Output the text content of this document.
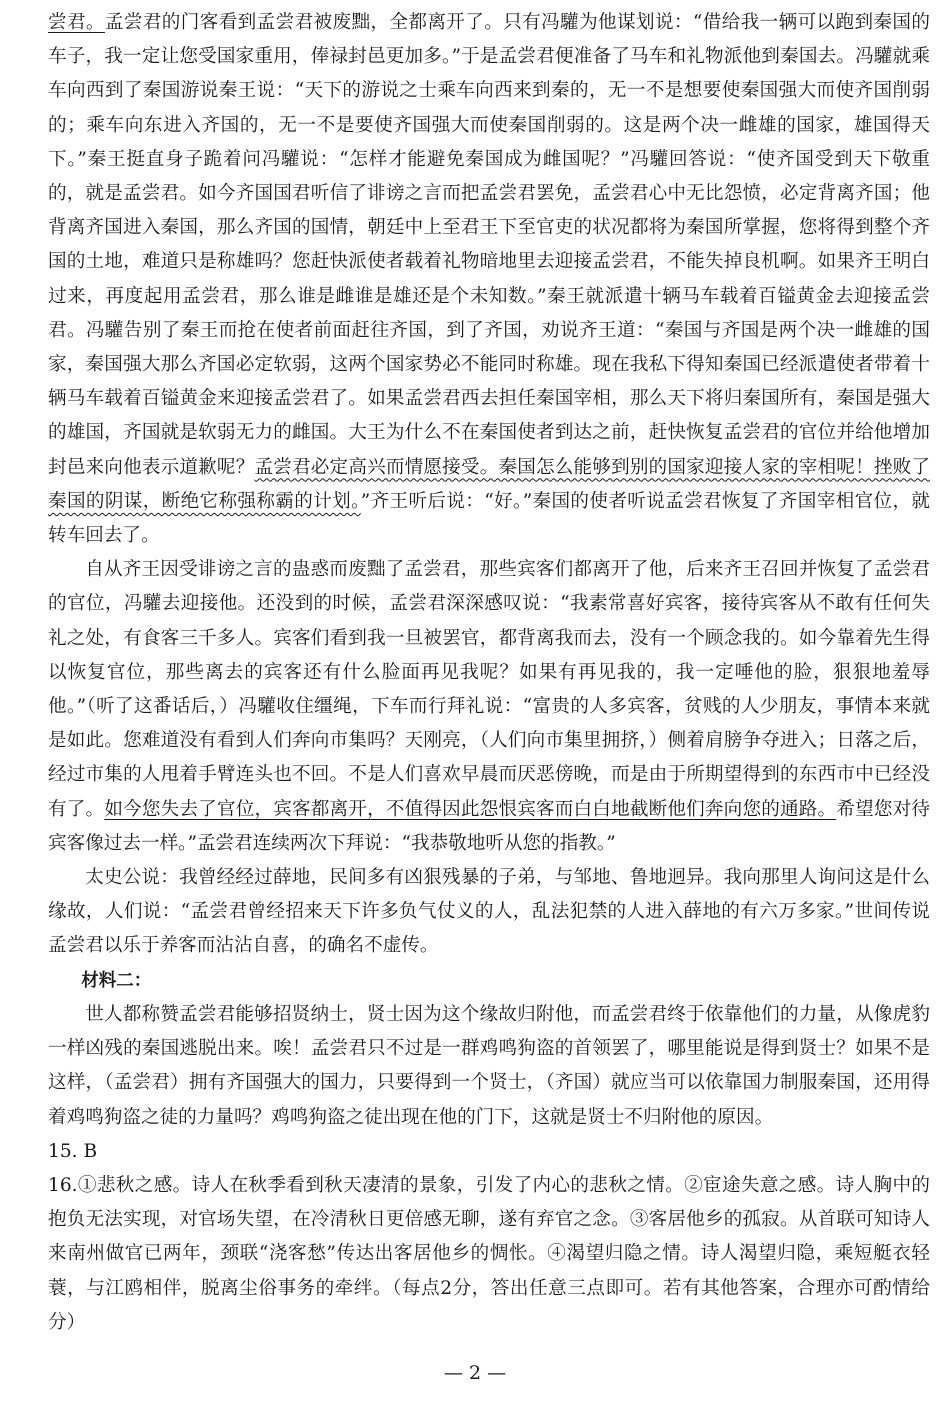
尝君。孟尝君的门客看到孟尝君被废黜，全都离开了。只有冯驩为他谋划说：“借给我一辆可以跑到秦国的车子，我一定让您受国家重用，俸禄封邑更加多。”于是孟尝君便准备了马车和礼物派他到秦国去。冯驩就乘车向西到了秦国游说秦王说：“天下的游说之士乘车向西来到秦的，无一不是想要使秦国强大而使齐国削弱的；乘车向东进入齐国的，无一不是要使齐国强大而使秦国削弱的。这是两个决一雌雄的国家，雄国得天下。”秦王挺直身子跪着问冯驩说：“怎样才能避免秦国成为雌国呢？”冯驩回答说：“使齐国受到天下敬重的，就是孟尝君。如今齐国国君听信了诽谤之言而把孟尝君罢免，孟尝君心中无比怨愤，必定背离齐国；他背离齐国进入秦国，那么齐国的国情，朝廷中上至君王下至官吏的状况都将为秦国所掌握，您将得到整个齐国的土地，难道只是称雄吗？您赶快派使者载着礼物暗地里去迎接孟尝君，不能失掉良机啊。如果齐王明白过来，再度起用孟尝君，那么谁是雌谁是雄还是个未知数。”秦王就派遣十辆马车载着百镒黄金去迎接孟尝君。冯驩告别了秦王而抢在使者前面赶往齐国，到了齐国，劝说齐王道：“秦国与齐国是两个决一雌雄的国家，秦国强大那么齐国必定软弱，这两个国家势必不能同时称雄。现在我私下得知秦国已经派遣使者带着十辆马车载着百镒黄金来迎接孟尝君了。如果孟尝君西去担任秦国宰相，那么天下将归秦国所有，秦国是强大的雄国，齐国就是软弱无力的雌国。大王为什么不在秦国使者到达之前，赶快恢复孟尝君的官位并给他增加封邑来向他表示道歉呢？孟尝君必定高兴而情愿接受。秦国怎么能够到别的国家迎接人家的宰相呢！挫败了秦国的阴谋，断绝它称强称霸的计划。”齐王听后说：“好。”秦国的使者听说孟尝君恢复了齐国宰相官位，就转车回去了。

自从齐王因受诽谤之言的蛊惑而废黜了孟尝君，那些宾客们都离开了他，后来齐王召回并恢复了孟尝君的官位，冯驩去迎接他。还没到的时候，孟尝君深深感叹说：“我素常喜好宾客，接待宾客从不敢有任何失礼之处，有食客三千多人。宾客们看到我一旦被罢官，都背离我而去，没有一个顾念我的。如今靠着先生得以恢复官位，那些离去的宾客还有什么脸面再见我呢？如果有再见我的，我一定唾他的脸，狠狠地羞辱他。”（听了这番话后，）冯驩收住缰绳，下车而行拜礼说：“富贵的人多宾客，贫贱的人少朋友，事情本来就是如此。您难道没有看到人们奔向市集吗？天刚亮，（人们向市集里拥挤，）侧着肩膀争夺进入；日落之后，经过市集的人甩着手臂连头也不回。不是人们喜欢早晨而厌恶傍晚，而是由于所期望得到的东西市中已经没有了。如今您失去了官位，宾客都离开，不值得因此怨恨宾客而白白地截断他们奔向您的通路。希望您对待宾客像过去一样。”孟尝君连续两次下拜说：“我恭敬地听从您的指教。”

太史公说：我曾经经过薛地，民间多有凶狠残暴的子弟，与邹地、鲁地迥异。我向那里人询问这是什么缘故，人们说：“孟尝君曾经招来天下许多负气仗义的人，乱法犯禁的人进入薛地的有六万多家。”世间传说孟尝君以乐于养客而沾沾自喜，的确名不虚传。

材料二：

世人都称赞孟尝君能够招贤纳士，贤士因为这个缘故归附他，而孟尝君终于依靠他们的力量，从像虎豹一样凶残的秦国逃脱出来。唉！孟尝君只不过是一群鸡鸣狗盗的首领罢了，哪里能说是得到贤士？如果不是这样，（孟尝君）拥有齐国强大的国力，只要得到一个贤士，（齐国）就应当可以依靠国力制服秦国，还用得着鸡鸣狗盗之徒的力量吗？鸡鸣狗盗之徒出现在他的门下，这就是贤士不归附他的原因。

15. B

16.①悲秋之感。诗人在秋季看到秋天凄清的景象，引发了内心的悲秋之情。②宦途失意之感。诗人胸中的抱负无法实现，对官场失望，在冷清秋日更倍感无聊，遂有弃官之念。③客居他乡的孤寂。从首联可知诗人来南州做官已两年，颈联“浇客愁”传达出客居他乡的惆怅。④渴望归隐之情。诗人渴望归隐，乘短艇衣轻蓑，与江鸥相伴，脱离尘俗事务的牵绊。（每点2分，答出任意三点即可。若有其他答案，合理亦可酌情给分）

— 2 —
